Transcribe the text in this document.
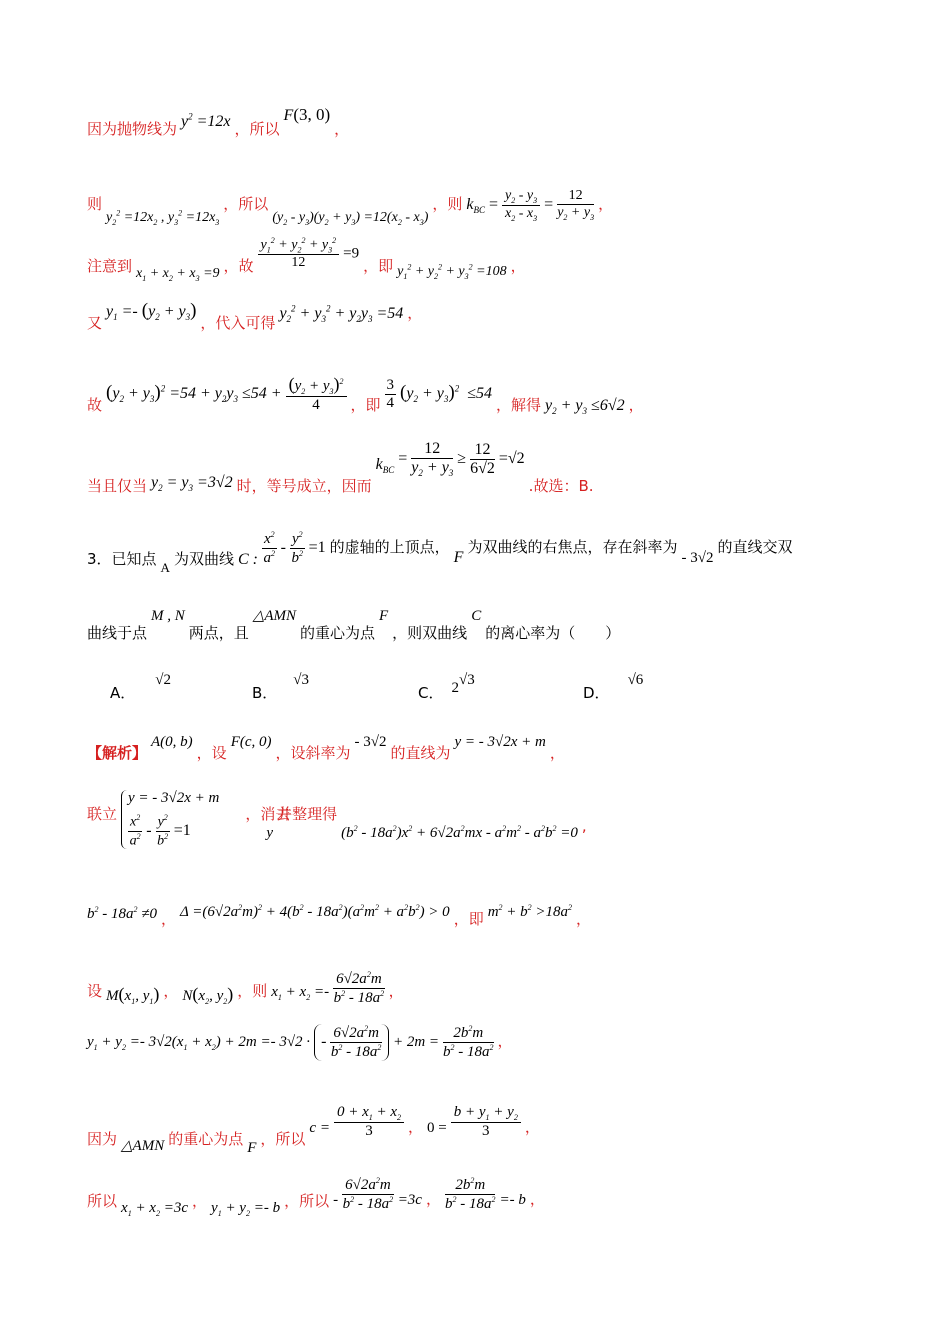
因为抛物线为 $y^2 =12x$ ，所以 F(3, 0) ，
则 $y_2^2 =12x_2$ , $y_3^2 =12x_3$ ，所以 $(y_2 - y_3)(y_2 + y_3) =12(x_2 - x_3)$ ，则 $k_{BC} = \frac{y_2 - y_3}{x_2 - x_3} = \frac{12}{y_2 + y_3}$ ，
注意到 $x_1 + x_2 + x_3 =9$ ，故 $\frac{y_1^2 + y_2^2 + y_3^2}{12} =9$ ，即 $y_1^2 + y_2^2 + y_3^2 =108$ ，
又 $y_1 =- (y_2 + y_3)$ ，代入可得 $y_2^2 + y_3^2 + y_2y_3 =54$ ，
故 $(y_2 + y_3)^2 =54 + y_2y_3 \le 54 + \frac{(y_2 + y_3)^2}{4}$ ，即 $\frac{3}{4} (y_2 + y_3)^2 \le 54$ ，解得 $y_2 + y_3 \le 6√2$ ，
当且仅当 $y_2 = y_3 =3√2$ 时，等号成立，因而 $k_{BC} = \frac{12}{y_2 + y_3} \ge \frac{12}{6√2} =√2$ .故选：B.
3．已知点 $_A$ 为双曲线 C : $\frac{x^2}{a^2} - \frac{y^2}{b^2} =1$ 的虚轴的上顶点， F 为双曲线的右焦点，存在斜率为 - 3√2 的直线交双
曲线于点 M , N 两点，且 △AMN 的重心为点 F ，则双曲线 C 的离心率为（　　）
A． √2
B． √3
C． 2√3
D． √6
【解析】 A(0, b) ，设 F(c, 0) ，设斜率为 - 3√2 的直线为 y = - 3√2x + m ，
联立
y = - 3√2x + m
$\frac{x^2}{a^2} - \frac{y^2}{b^2} =1$ ，消去 y 并整理得 $(b^2 - 18a^2)x^2 + 6√2a^2mx - a^2m^2 - a^2b^2 =0$ ,
$b^2 - 18a^2 \ne 0$ ， $\Delta =(6√2a^2m)^2 + 4(b^2 - 18a^2)(a^2m^2 + a^2b^2) > 0$ ，即 $m^2 + b^2 >18a^2$ ，
设 $M(x_1$, $y_1$) ， $N(x_2$, $y_2$) ，则 $x_1 + x_2 =- \frac{6√2a^2m}{b^2 - 18a^2}$ ，
$y_1 + y_2 =- 3√2(x_1 + x_2) + 2m =- 3√2$ · - $\frac{6√2a^2m}{b^2 - 18a^2} + 2m = \frac{2b^2m}{b^2 - 18a^2}$ ，
因为 △AMN 的重心为点 F ，所以 $c = \frac{0 + x_1 + x_2}{3}$ ， $0 = \frac{b + y_1 + y_2}{3}$ ，
所以 $x_1 + x_2 =3c$ ， $y_1 + y_2 =- b$ ，所以 - $\frac{6√2a^2m}{b^2 - 18a^2} =3c$ ， $\frac{2b^2m}{b^2 - 18a^2} =- b$ ，
